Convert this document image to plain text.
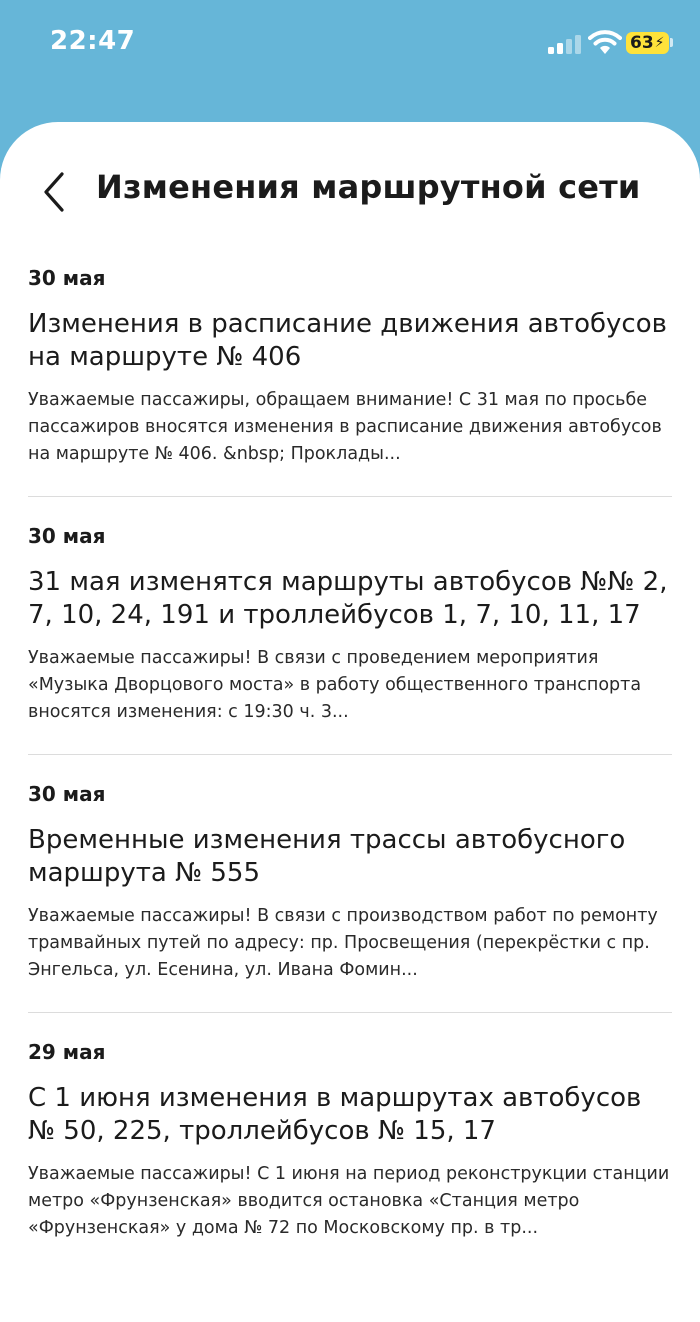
22:47	63 ⚡
Изменения маршрутной сети
30 мая
Изменения в расписание движения автобусов на маршруте № 406
Уважаемые пассажиры, обращаем внимание! С 31 мая по просьбе пассажиров вносятся изменения в расписание движения автобусов на маршруте № 406. &nbsp; Проклады...
30 мая
31 мая изменятся маршруты автобусов №№ 2, 7, 10, 24, 191 и троллейбусов 1, 7, 10, 11, 17
Уважаемые пассажиры! В связи с проведением мероприятия «Музыка Дворцового моста» в работу общественного транспорта вносятся изменения: с 19:30 ч. 3...
30 мая
Временные изменения трассы автобусного маршрута № 555
Уважаемые пассажиры! В связи с производством работ по ремонту трамвайных путей по адресу: пр. Просвещения (перекрёстки с пр. Энгельса, ул. Есенина, ул. Ивана Фомин...
29 мая
С 1 июня изменения в маршрутах автобусов № 50, 225, троллейбусов № 15, 17
Уважаемые пассажиры! С 1 июня на период реконструкции станции метро «Фрунзенская» вводится остановка «Станция метро «Фрунзенская» у дома № 72 по Московскому пр. в тр...
